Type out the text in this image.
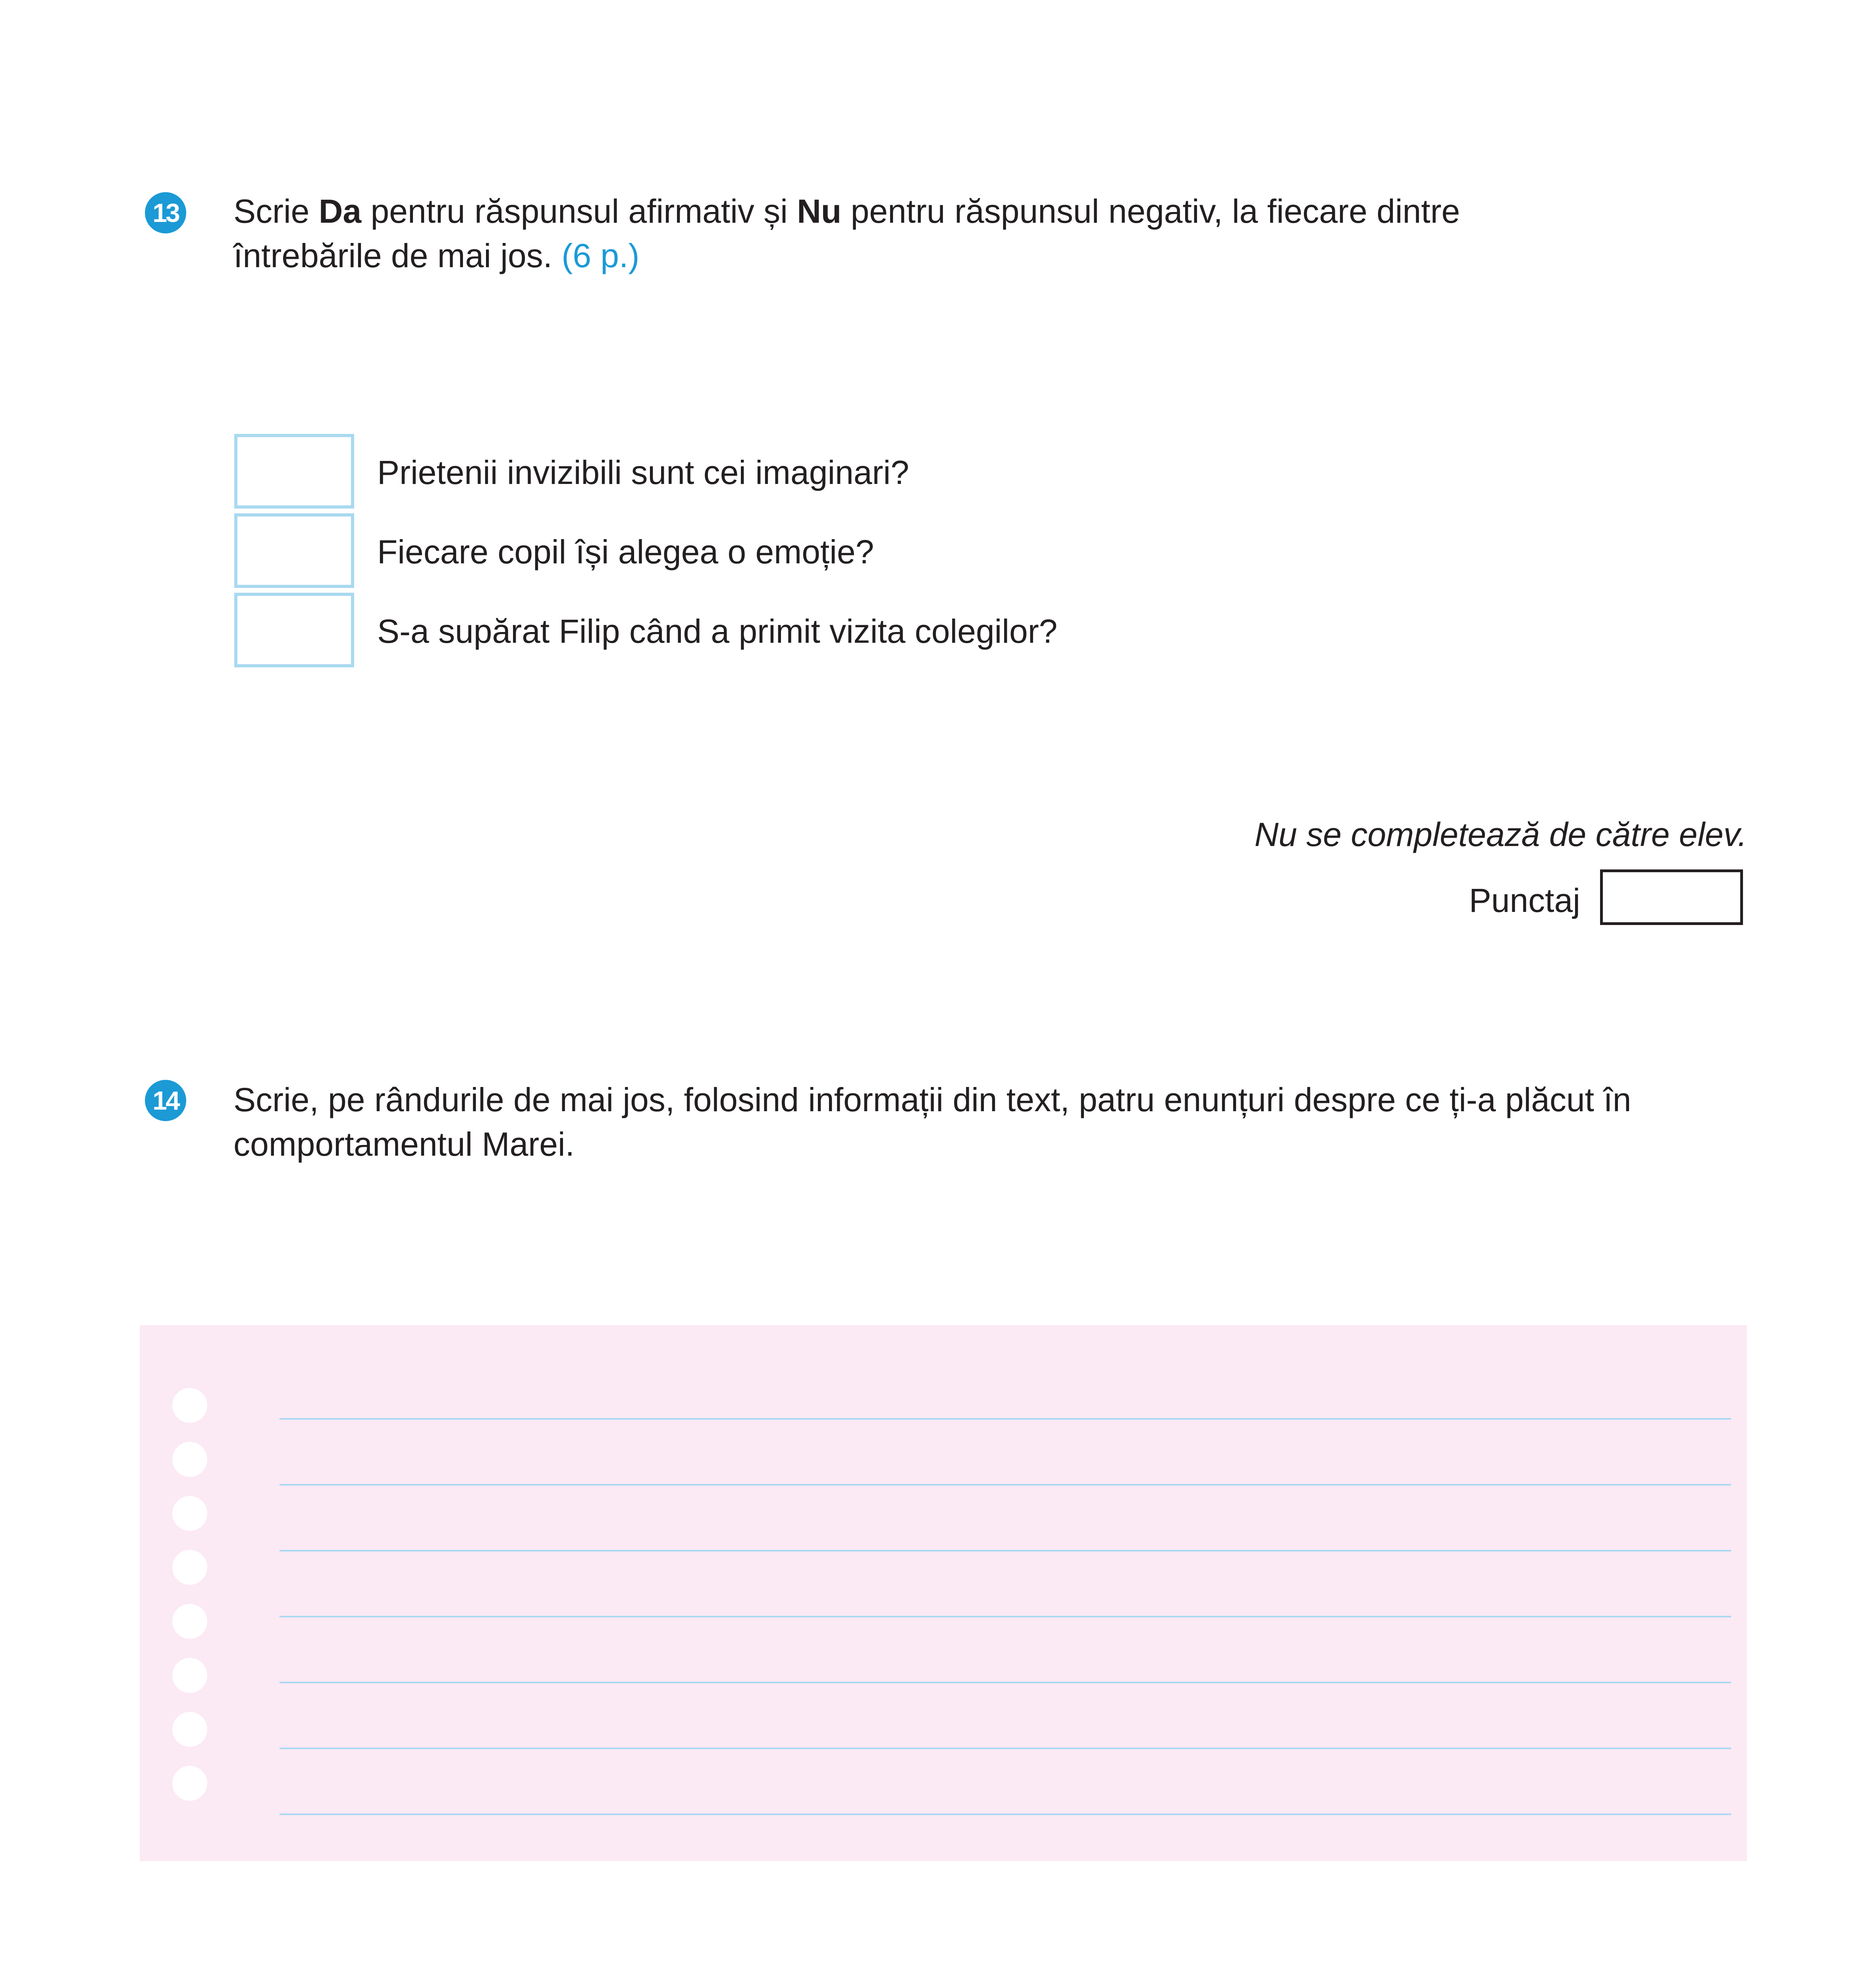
13 Scrie Da pentru răspunsul afirmativ și Nu pentru răspunsul negativ, la fiecare dintre
întrebările de mai jos. (6 p.)
Prietenii invizibili sunt cei imaginari?
Fiecare copil își alegea o emoție?
S-a supărat Filip când a primit vizita colegilor?
Nu se completează de către elev.
Punctaj
14 Scrie, pe rândurile de mai jos, folosind informații din text, patru enunțuri despre ce ți-a plăcut în
comportamentul Marei.
